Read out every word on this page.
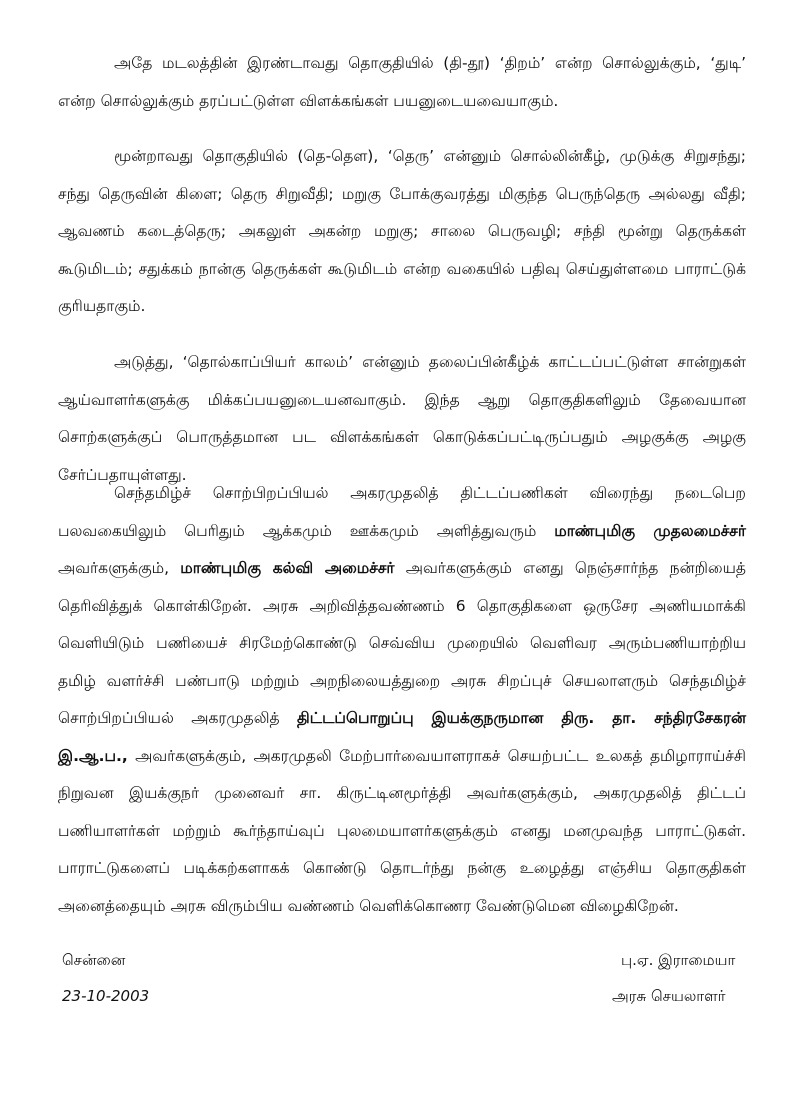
அதே மடலத்தின் இரண்டாவது தொகுதியில் (தி-தூ) ‘திறம்’ என்ற சொல்லுக்கும், ‘துடி’ என்ற சொல்லுக்கும் தரப்பட்டுள்ள விளக்கங்கள் பயனுடையவையாகும்.

மூன்றாவது தொகுதியில் (தெ-தௌ), ‘தெரு’ என்னும் சொல்லின்கீழ், முடுக்கு சிறுசந்து; சந்து தெருவின் கிளை; தெரு சிறுவீதி; மறுகு போக்குவரத்து மிகுந்த பெருந்தெரு அல்லது வீதி; ஆவணம் கடைத்தெரு; அகலுள் அகன்ற மறுகு; சாலை பெருவழி; சந்தி மூன்று தெருக்கள் கூடுமிடம்; சதுக்கம் நான்கு தெருக்கள் கூடுமிடம் என்ற வகையில் பதிவு செய்துள்ளமை பாராட்டுக் குரியதாகும்.

அடுத்து, ‘தொல்காப்பியர் காலம்’ என்னும் தலைப்பின்கீழ்க் காட்டப்பட்டுள்ள சான்றுகள் ஆய்வாளர்களுக்கு மிக்கப்பயனுடையனவாகும். இந்த ஆறு தொகுதிகளிலும் தேவையான சொற்களுக்குப் பொருத்தமான பட விளக்கங்கள் கொடுக்கப்பட்டிருப்பதும் அழகுக்கு அழகு சேர்ப்பதாயுள்ளது.

செந்தமிழ்ச் சொற்பிறப்பியல் அகரமுதலித் திட்டப்பணிகள் விரைந்து நடைபெற பலவகையிலும் பெரிதும் ஆக்கமும் ஊக்கமும் அளித்துவரும் மாண்புமிகு முதலமைச்சர் அவர்களுக்கும், மாண்புமிகு கல்வி அமைச்சர் அவர்களுக்கும் எனது நெஞ்சார்ந்த நன்றியைத் தெரிவித்துக் கொள்கிறேன். அரசு அறிவித்தவண்ணம் 6 தொகுதிகளை ஒருசேர அணியமாக்கி வெளியிடும் பணியைச் சிரமேற்கொண்டு செவ்விய முறையில் வெளிவர அரும்பணியாற்றிய தமிழ் வளர்ச்சி பண்பாடு மற்றும் அறநிலையத்துறை அரசு சிறப்புச் செயலாளரும் செந்தமிழ்ச் சொற்பிறப்பியல் அகரமுதலித் திட்டப்பொறுப்பு இயக்குநருமான திரு. தா. சந்திரசேகரன் இ.ஆ.ப., அவர்களுக்கும், அகரமுதலி மேற்பார்வையாளராகச் செயற்பட்ட உலகத் தமிழாராய்ச்சி நிறுவன இயக்குநர் முனைவர் சா. கிருட்டினமூர்த்தி அவர்களுக்கும், அகரமுதலித் திட்டப் பணியாளர்கள் மற்றும் கூர்ந்தாய்வுப் புலமையாளர்களுக்கும் எனது மனமுவந்த பாராட்டுகள். பாராட்டுகளைப் படிக்கற்களாகக் கொண்டு தொடர்ந்து நன்கு உழைத்து எஞ்சிய தொகுதிகள் அனைத்தையும் அரசு விரும்பிய வண்ணம் வெளிக்கொணர வேண்டுமென விழைகிறேன்.

சென்னை
23-10-2003
பு.ஏ. இராமையா
அரசு செயலாளர்
